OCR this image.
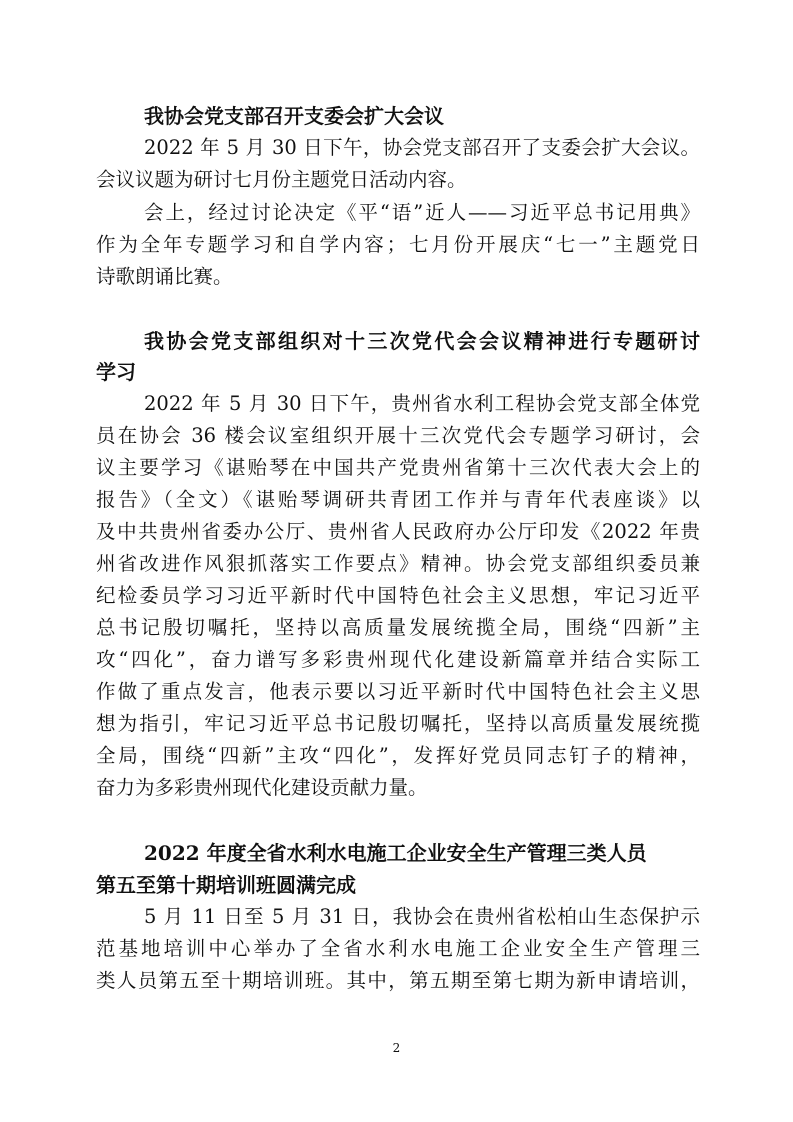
我协会党支部召开支委会扩大会议
2022 年 5 月 30 日下午，协会党支部召开了支委会扩大会议。
会议议题为研讨七月份主题党日活动内容。
会上，经过讨论决定《平“语”近人——习近平总书记用典》
作为全年专题学习和自学内容；七月份开展庆“七一”主题党日
诗歌朗诵比赛。
我协会党支部组织对十三次党代会会议精神进行专题研讨
学习
2022 年 5 月 30 日下午，贵州省水利工程协会党支部全体党
员在协会 36 楼会议室组织开展十三次党代会专题学习研讨，会
议主要学习《谌贻琴在中国共产党贵州省第十三次代表大会上的
报告》（全文）《谌贻琴调研共青团工作并与青年代表座谈》以
及中共贵州省委办公厅、贵州省人民政府办公厅印发《2022 年贵
州省改进作风狠抓落实工作要点》精神。协会党支部组织委员兼
纪检委员学习习近平新时代中国特色社会主义思想，牢记习近平
总书记殷切嘱托，坚持以高质量发展统揽全局，围绕“四新”主
攻“四化”，奋力谱写多彩贵州现代化建设新篇章并结合实际工
作做了重点发言，他表示要以习近平新时代中国特色社会主义思
想为指引，牢记习近平总书记殷切嘱托，坚持以高质量发展统揽
全局，围绕“四新”主攻“四化”，发挥好党员同志钉子的精神，
奋力为多彩贵州现代化建设贡献力量。
2022 年度全省水利水电施工企业安全生产管理三类人员
第五至第十期培训班圆满完成
5 月 11 日至 5 月 31 日，我协会在贵州省松柏山生态保护示
范基地培训中心举办了全省水利水电施工企业安全生产管理三
类人员第五至十期培训班。其中，第五期至第七期为新申请培训，
2
